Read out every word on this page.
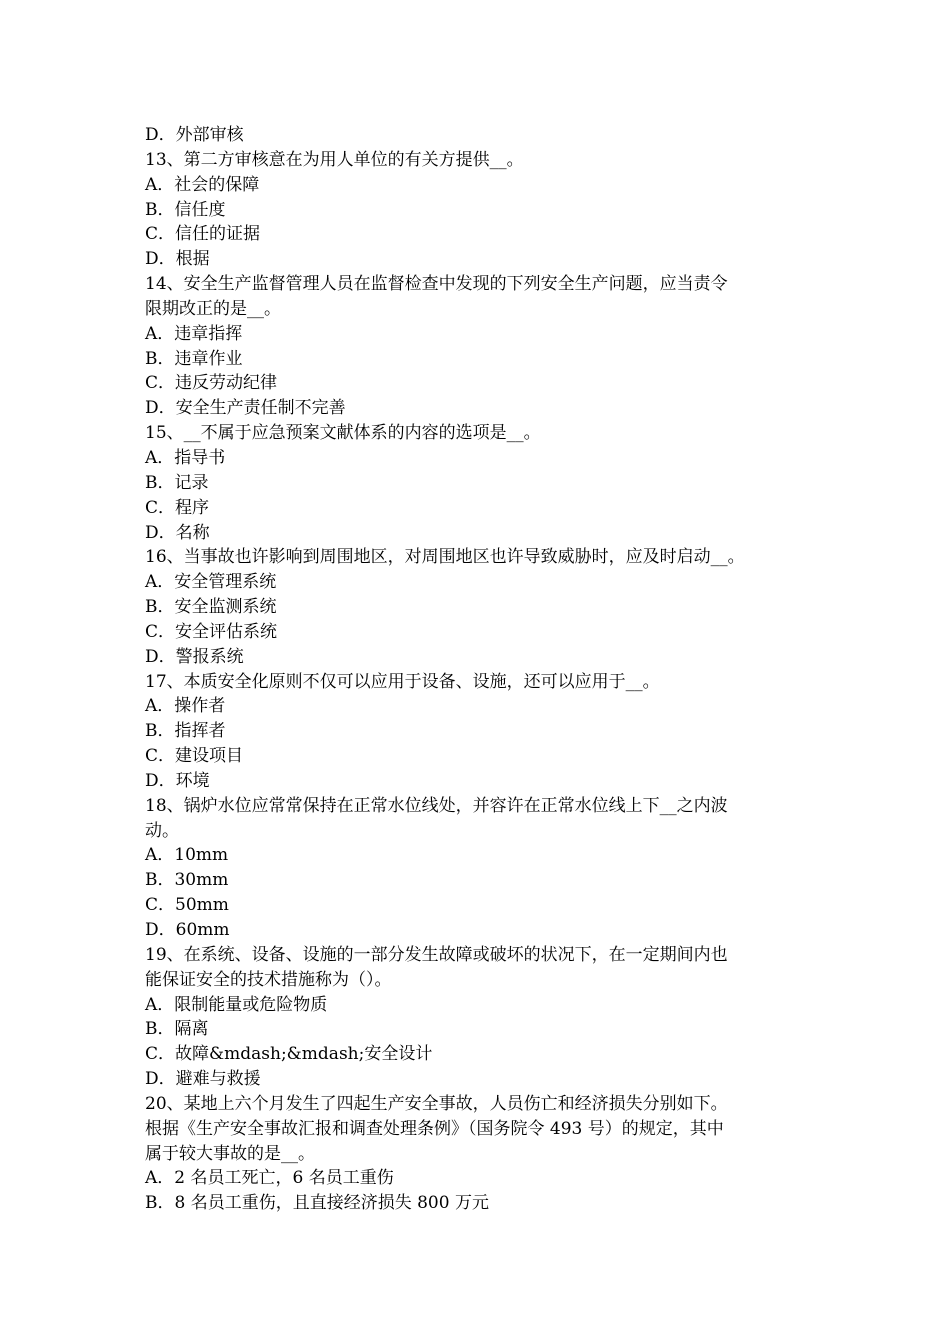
D．外部审核
13、第二方审核意在为用人单位的有关方提供__。
A．社会的保障
B．信任度
C．信任的证据
D．根据
14、安全生产监督管理人员在监督检查中发现的下列安全生产问题，应当责令
限期改正的是__。
A．违章指挥
B．违章作业
C．违反劳动纪律
D．安全生产责任制不完善
15、__不属于应急预案文献体系的内容的选项是__。
A．指导书
B．记录
C．程序
D．名称
16、当事故也许影响到周围地区，对周围地区也许导致威胁时，应及时启动__。
A．安全管理系统
B．安全监测系统
C．安全评估系统
D．警报系统
17、本质安全化原则不仅可以应用于设备、设施，还可以应用于__。
A．操作者
B．指挥者
C．建设项目
D．环境
18、锅炉水位应常常保持在正常水位线处，并容许在正常水位线上下__之内波
动。
A．10mm
B．30mm
C．50mm
D．60mm
19、在系统、设备、设施的一部分发生故障或破坏的状况下，在一定期间内也
能保证安全的技术措施称为（）。
A．限制能量或危险物质
B．隔离
C．故障&mdash;&mdash;安全设计
D．避难与救援
20、某地上六个月发生了四起生产安全事故，人员伤亡和经济损失分别如下。
根据《生产安全事故汇报和调查处理条例》（国务院令 493 号）的规定，其中
属于较大事故的是__。
A．2 名员工死亡，6 名员工重伤
B．8 名员工重伤，且直接经济损失 800 万元
